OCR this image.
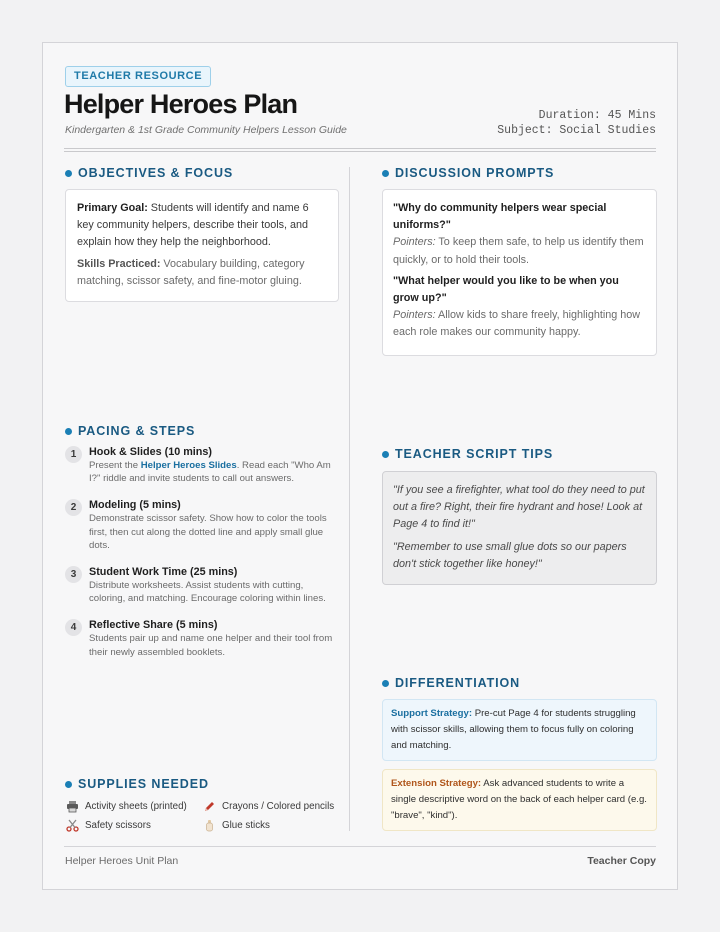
TEACHER RESOURCE
Helper Heroes Plan
Kindergarten & 1st Grade Community Helpers Lesson Guide
Duration: 45 Mins
Subject: Social Studies
OBJECTIVES & FOCUS
Primary Goal: Students will identify and name 6 key community helpers, describe their tools, and explain how they help the neighborhood.
Skills Practiced: Vocabulary building, category matching, scissor safety, and fine-motor gluing.
DISCUSSION PROMPTS
"Why do community helpers wear special uniforms?"
Pointers: To keep them safe, to help us identify them quickly, or to hold their tools.
"What helper would you like to be when you grow up?"
Pointers: Allow kids to share freely, highlighting how each role makes our community happy.
PACING & STEPS
1	Hook & Slides (10 mins)
Present the Helper Heroes Slides. Read each "Who Am I?" riddle and invite students to call out answers.
2	Modeling (5 mins)
Demonstrate scissor safety. Show how to color the tools first, then cut along the dotted line and apply small glue dots.
3	Student Work Time (25 mins)
Distribute worksheets. Assist students with cutting, coloring, and matching. Encourage coloring within lines.
4	Reflective Share (5 mins)
Students pair up and name one helper and their tool from their newly assembled booklets.
TEACHER SCRIPT TIPS
"If you see a firefighter, what tool do they need to put out a fire? Right, their fire hydrant and hose! Look at Page 4 to find it!"
"Remember to use small glue dots so our papers don't stick together like honey!"
DIFFERENTIATION
Support Strategy: Pre-cut Page 4 for students struggling with scissor skills, allowing them to focus fully on coloring and matching.
Extension Strategy: Ask advanced students to write a single descriptive word on the back of each helper card (e.g. "brave", "kind").
SUPPLIES NEEDED
Activity sheets (printed)	Crayons / Colored pencils
Safety scissors	Glue sticks
Helper Heroes Unit Plan	Teacher Copy
